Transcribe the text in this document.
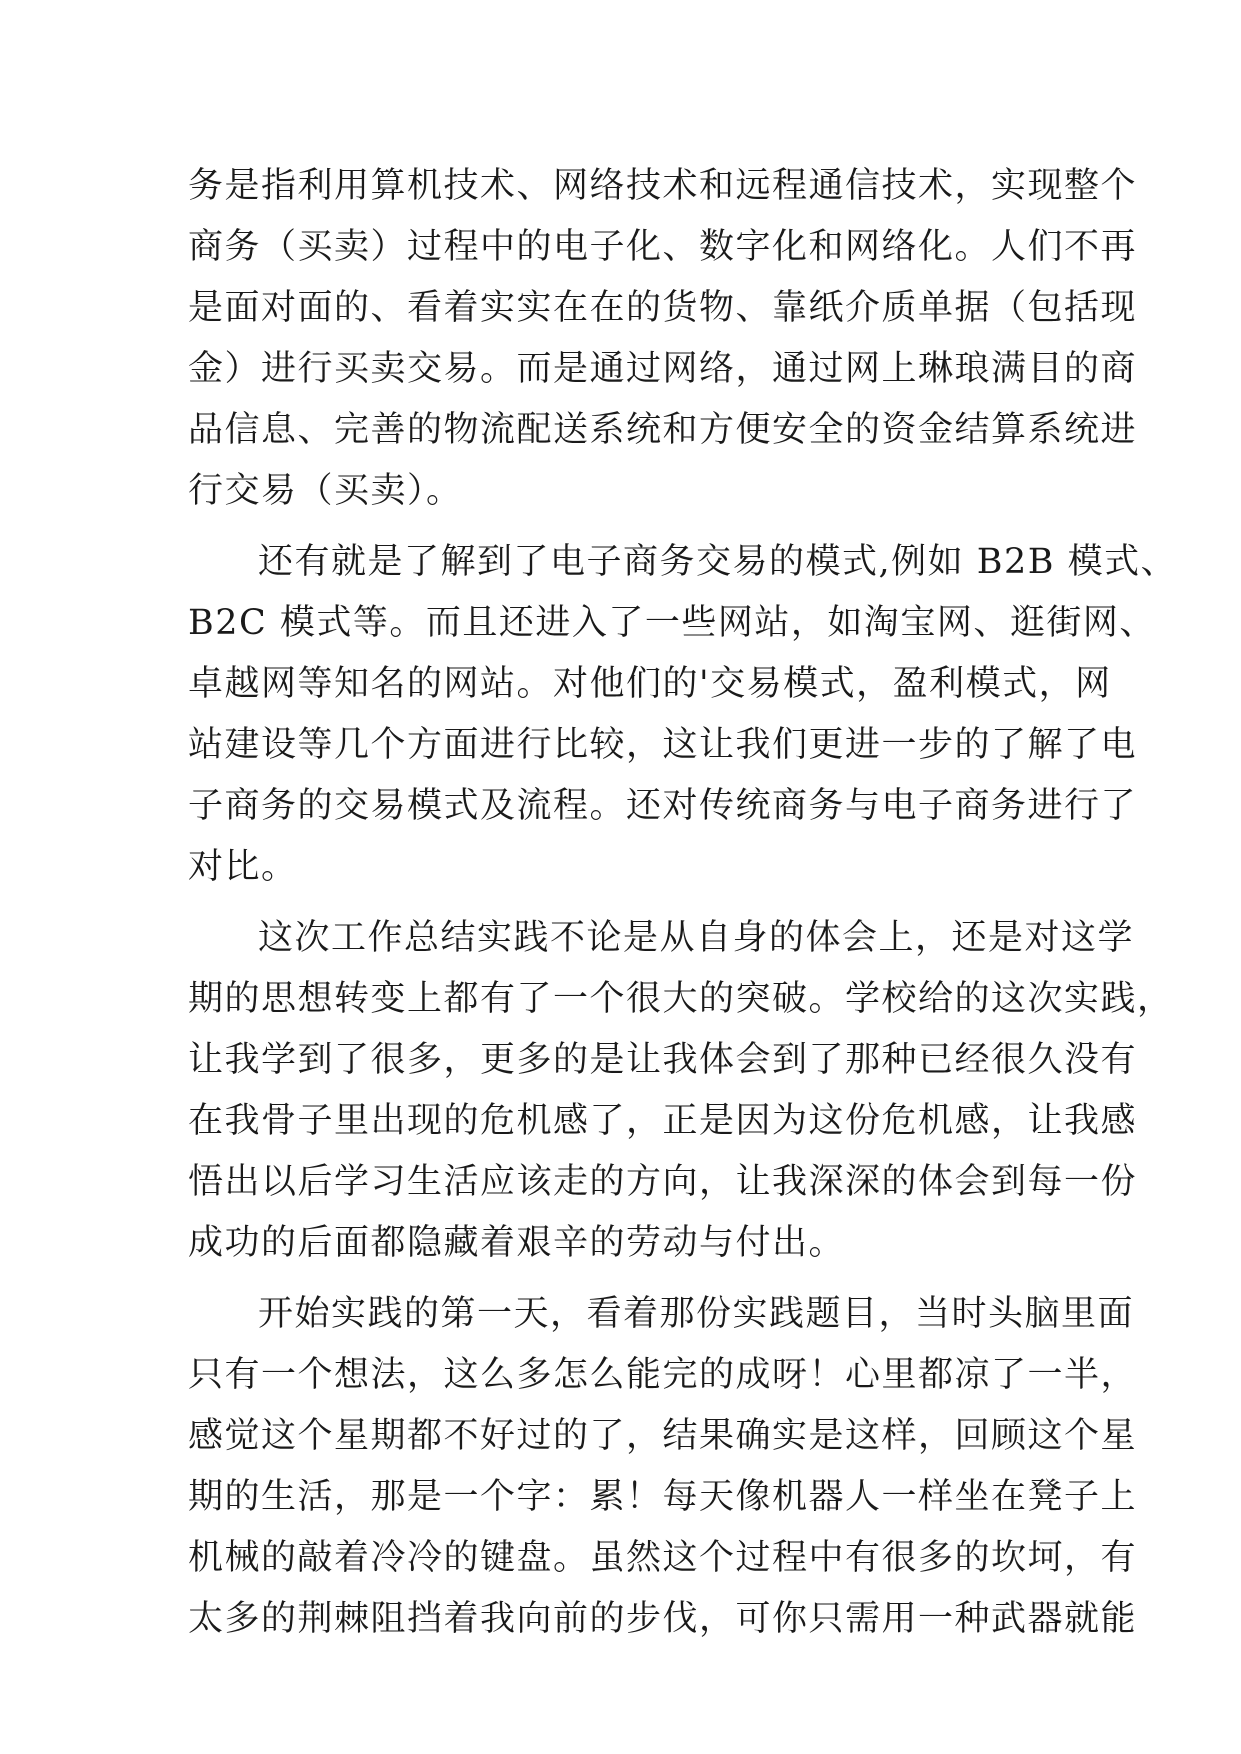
务是指利用算机技术、网络技术和远程通信技术，实现整个
商务（买卖）过程中的电子化、数字化和网络化。人们不再
是面对面的、看着实实在在的货物、靠纸介质单据（包括现
金）进行买卖交易。而是通过网络，通过网上琳琅满目的商
品信息、完善的物流配送系统和方便安全的资金结算系统进
行交易（买卖）。
还有就是了解到了电子商务交易的模式,例如 B2B 模式、
B2C 模式等。而且还进入了一些网站，如淘宝网、逛街网、
卓越网等知名的网站。对他们的'交易模式，盈利模式，网
站建设等几个方面进行比较，这让我们更进一步的了解了电
子商务的交易模式及流程。还对传统商务与电子商务进行了
对比。
这次工作总结实践不论是从自身的体会上，还是对这学
期的思想转变上都有了一个很大的突破。学校给的这次实践，
让我学到了很多，更多的是让我体会到了那种已经很久没有
在我骨子里出现的危机感了，正是因为这份危机感，让我感
悟出以后学习生活应该走的方向，让我深深的体会到每一份
成功的后面都隐藏着艰辛的劳动与付出。
开始实践的第一天，看着那份实践题目，当时头脑里面
只有一个想法，这么多怎么能完的成呀！心里都凉了一半，
感觉这个星期都不好过的了，结果确实是这样，回顾这个星
期的生活，那是一个字：累！每天像机器人一样坐在凳子上
机械的敲着冷冷的键盘。虽然这个过程中有很多的坎坷，有
太多的荆棘阻挡着我向前的步伐，可你只需用一种武器就能
